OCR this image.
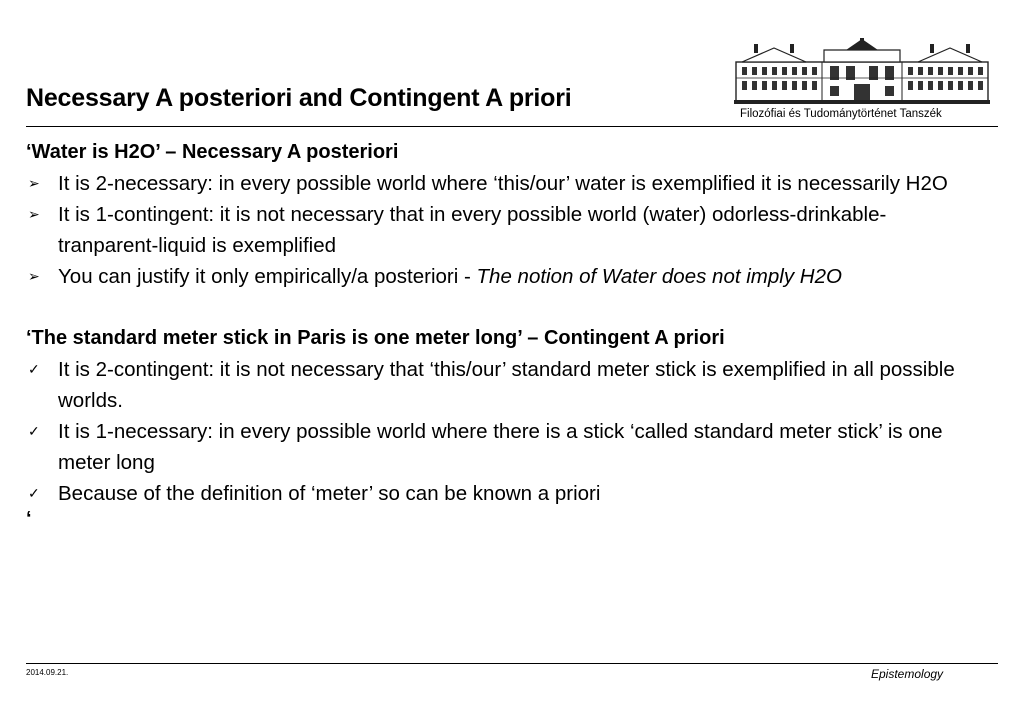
Necessary A posteriori and Contingent A priori
Filozófiai és Tudománytörténet Tanszék
‘Water is H2O’ – Necessary A posteriori
➢ It is 2-necessary: in every possible world where ‘this/our’ water is exemplified it is necessarily H2O
➢ It is 1-contingent: it is not necessary that in every possible world (water) odorless-drinkable-tranparent-liquid is exemplified
➢ You can justify it only empirically/a posteriori - The notion of Water does not imply H2O
‘The standard meter stick in Paris is one meter long’ – Contingent A priori
✓ It is 2-contingent: it is not necessary that ‘this/our’ standard meter stick is exemplified in all possible worlds.
✓ It is 1-necessary: in every possible world where there is a stick ‘called standard meter stick’ is one meter long
✓ Because of the definition of ‘meter’ so can be known a priori
‘
2014.09.21.	Epistemology
